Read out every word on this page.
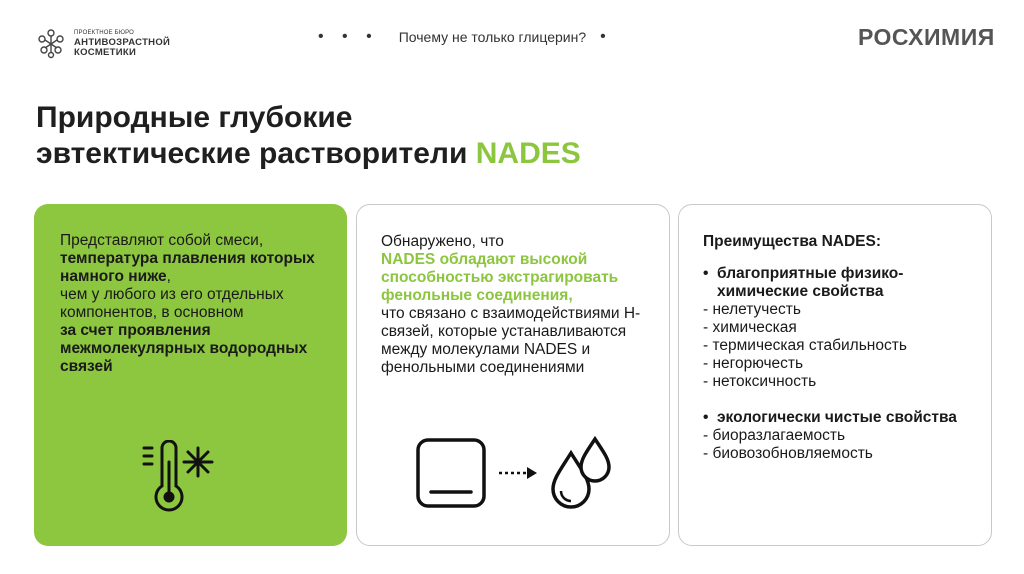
ПРОЕКТНОЕ БЮРО
АНТИВОЗРАСТНОЙ
КОСМЕТИКИ
• • • Почему не только глицерин? •	РОСХИМИЯ
Природные глубокие
эвтектические растворители NADES
Представляют собой смеси,
температура плавления которых намного ниже,
чем у любого из его отдельных компонентов, в основном
за счет проявления межмолекулярных водородных связей
Обнаружено, что
NADES обладают высокой способностью экстрагировать фенольные соединения,
что связано с взаимодействиями Н-связей, которые устанавливаются между молекулами NADES и фенольными соединениями
Преимущества NADES:
• благоприятные физико-химические свойства
- нелетучесть
- химическая
- термическая стабильность
- негорючесть
- нетоксичность
• экологически чистые свойства
- биоразлагаемость
- биовозобновляемость
